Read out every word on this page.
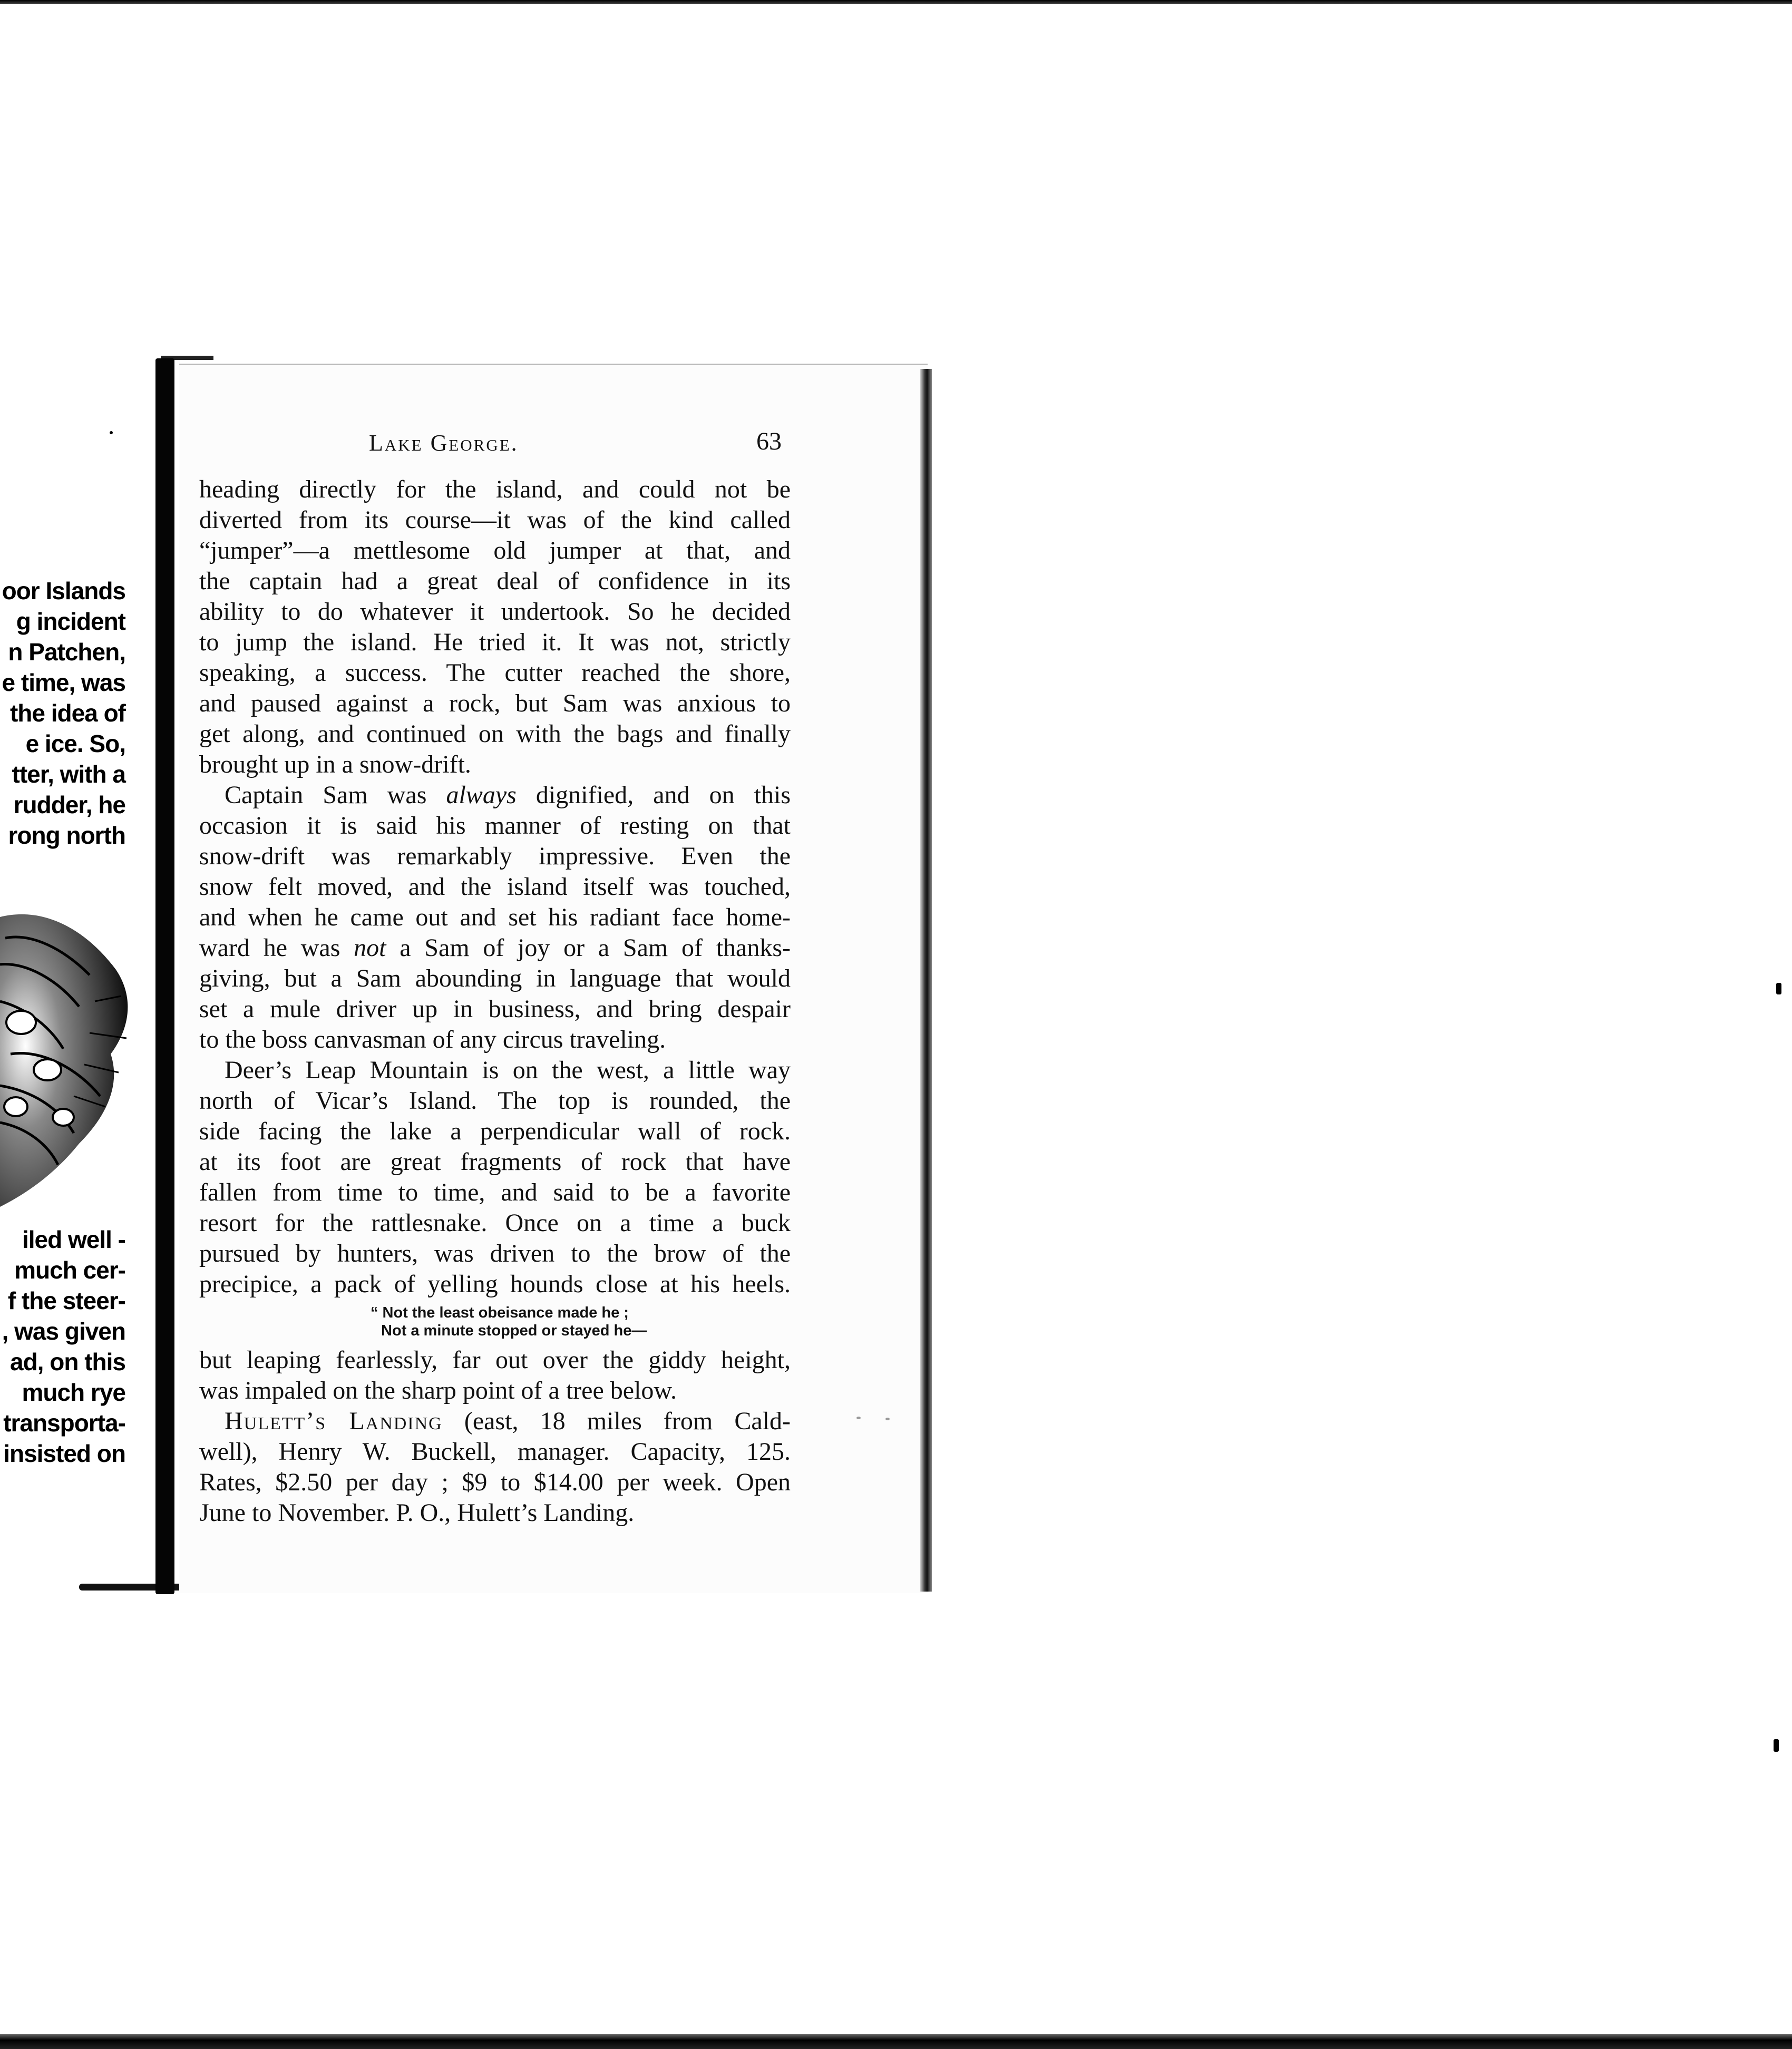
oor Islands
g incident
n Patchen,
e time, was
the idea of
e ice. So,
tter, with a
rudder, he
rong north
iled well -
much cer-
f the steer-
, was given
ad, on this
much rye
transporta-
insisted on
Lake George.	63

heading directly for the island, and could not be
diverted from its course—it was of the kind called
“jumper”—a mettlesome old jumper at that, and
the captain had a great deal of confidence in its
ability to do whatever it undertook. So he decided
to jump the island. He tried it. It was not, strictly
speaking, a success. The cutter reached the shore,
and paused against a rock, but Sam was anxious to
get along, and continued on with the bags and finally
brought up in a snow-drift.

Captain Sam was always dignified, and on this
occasion it is said his manner of resting on that
snow-drift was remarkably impressive. Even the
snow felt moved, and the island itself was touched,
and when he came out and set his radiant face home-
ward he was not a Sam of joy or a Sam of thanks-
giving, but a Sam abounding in language that would
set a mule driver up in business, and bring despair
to the boss canvasman of any circus traveling.

Deer’s Leap Mountain is on the west, a little way
north of Vicar’s Island. The top is rounded, the
side facing the lake a perpendicular wall of rock.
at its foot are great fragments of rock that have
fallen from time to time, and said to be a favorite
resort for the rattlesnake. Once on a time a buck
pursued by hunters, was driven to the brow of the
precipice, a pack of yelling hounds close at his heels.

“ Not the least obeisance made he ;
Not a minute stopped or stayed he—

but leaping fearlessly, far out over the giddy height,
was impaled on the sharp point of a tree below.

Hulett’s Landing (east, 18 miles from Cald-
well), Henry W. Buckell, manager. Capacity, 125.
Rates, $2.50 per day ; $9 to $14.00 per week. Open
June to November. P. O., Hulett’s Landing.
